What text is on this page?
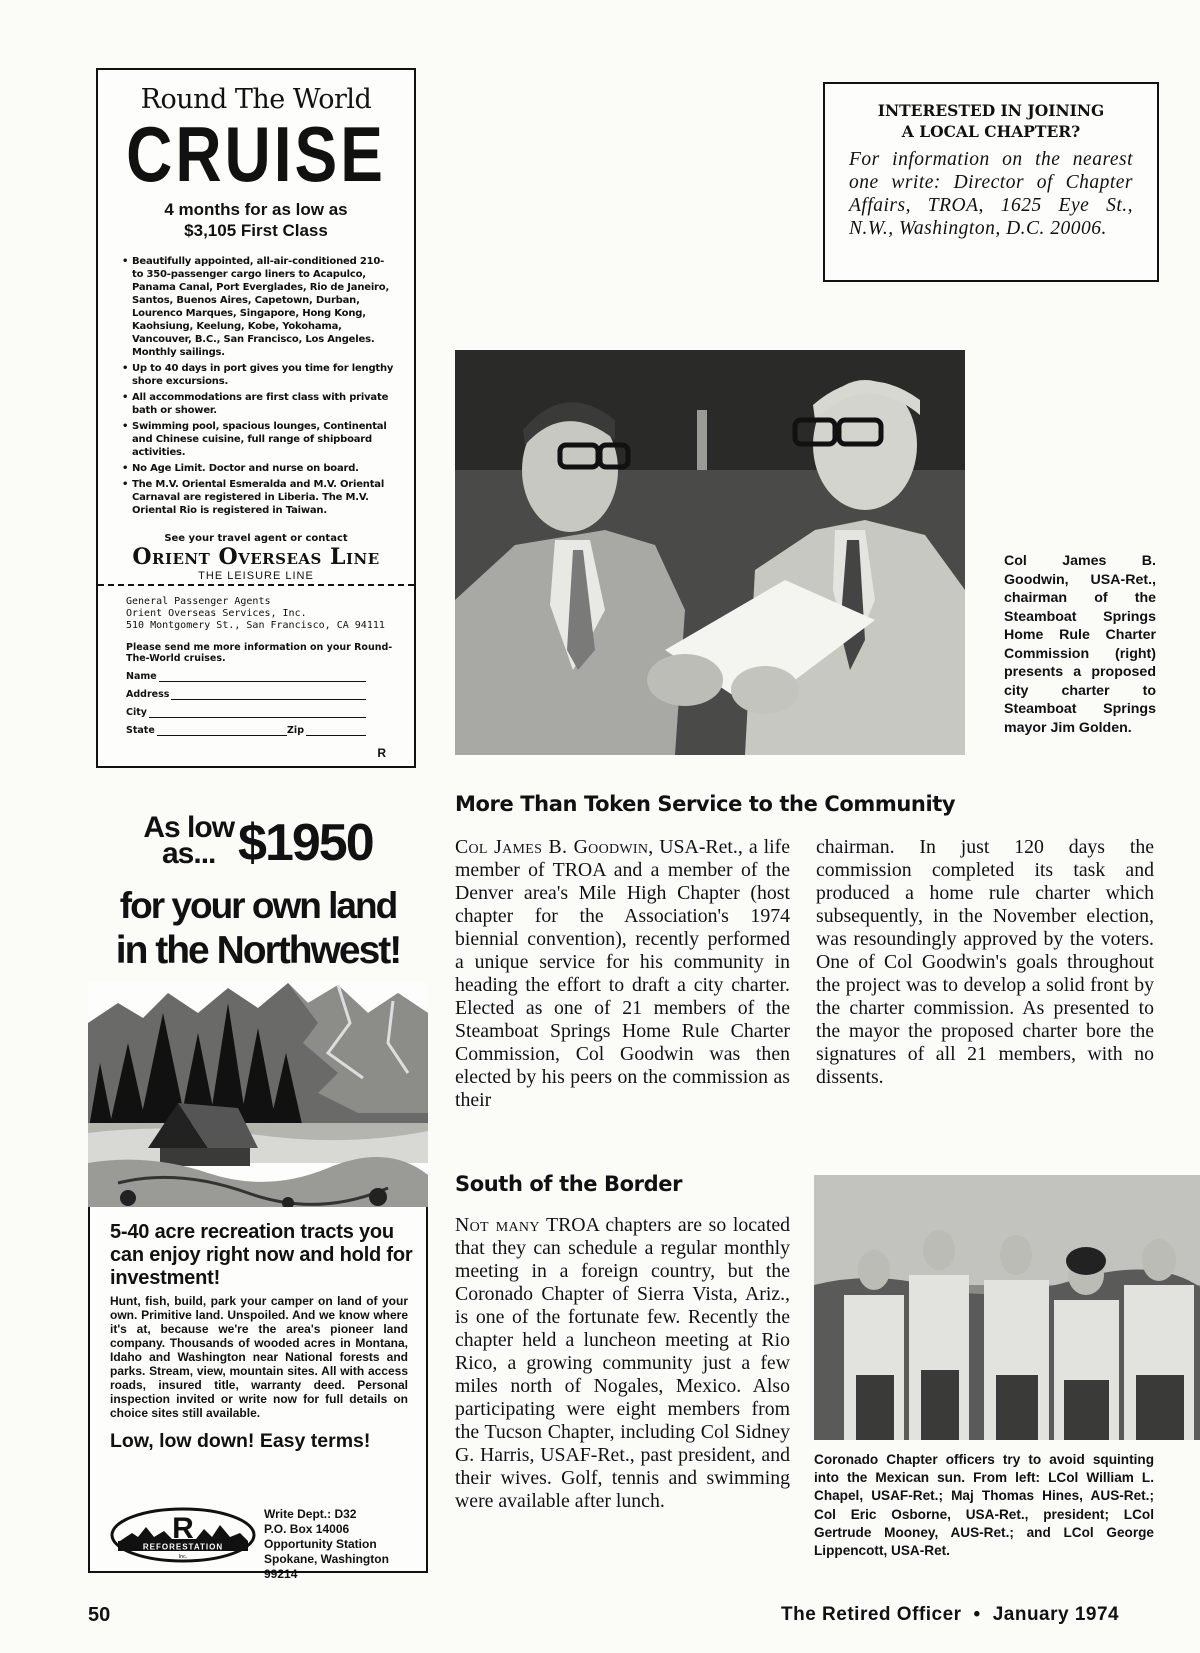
Round The World
CRUISE
4 months for as low as
$3,105 First Class
• Beautifully appointed, all-air-conditioned 210- to 350-passenger cargo liners to Acapulco, Panama Canal, Port Everglades, Rio de Janeiro, Santos, Buenos Aires, Capetown, Durban, Lourenco Marques, Singapore, Hong Kong, Kaohsiung, Keelung, Kobe, Yokohama, Vancouver, B.C., San Francisco, Los Angeles. Monthly sailings.
• Up to 40 days in port gives you time for lengthy shore excursions.
• All accommodations are first class with private bath or shower.
• Swimming pool, spacious lounges, Continental and Chinese cuisine, full range of shipboard activities.
• No Age Limit. Doctor and nurse on board.
• The M.V. Oriental Esmeralda and M.V. Oriental Carnaval are registered in Liberia. The M.V. Oriental Rio is registered in Taiwan.
See your travel agent or contact
Orient Overseas Line
THE LEISURE LINE
General Passenger Agents
Orient Overseas Services, Inc.
510 Montgomery St., San Francisco, CA 94111
Please send me more information on your Round-The-World cruises.
Name
Address
City
State	Zip
R
As low
as... $1950
for your own land
in the Northwest!
5-40 acre recreation tracts you can enjoy right now and hold for investment!
Hunt, fish, build, park your camper on land of your own. Primitive land. Unspoiled. And we know where it's at, because we're the area's pioneer land company. Thousands of wooded acres in Montana, Idaho and Washington near National forests and parks. Stream, view, mountain sites. All with access roads, insured title, warranty deed. Personal inspection invited or write now for full details on choice sites still available.
Low, low down! Easy terms!
R
REFORESTATION
Inc.
Write Dept.: D32
P.O. Box 14006
Opportunity Station
Spokane, Washington
99214
INTERESTED IN JOINING
A LOCAL CHAPTER?
For information on the nearest one write: Director of Chapter Affairs, TROA, 1625 Eye St., N.W., Washington, D.C. 20006.
Col James B. Goodwin, USA-Ret., chairman of the Steamboat Springs Home Rule Charter Commission (right) presents a proposed city charter to Steamboat Springs mayor Jim Golden.
More Than Token Service to the Community
Col James B. Goodwin, USA-Ret., a life member of TROA and a member of the Denver area's Mile High Chapter (host chapter for the Association's 1974 biennial convention), recently performed a unique service for his community in heading the effort to draft a city charter. Elected as one of 21 members of the Steamboat Springs Home Rule Charter Commission, Col Goodwin was then elected by his peers on the commission as their
chairman. In just 120 days the commission completed its task and produced a home rule charter which subsequently, in the November election, was resoundingly approved by the voters. One of Col Goodwin's goals throughout the project was to develop a solid front by the charter commission. As presented to the mayor the proposed charter bore the signatures of all 21 members, with no dissents.
South of the Border
Not many TROA chapters are so located that they can schedule a regular monthly meeting in a foreign country, but the Coronado Chapter of Sierra Vista, Ariz., is one of the fortunate few. Recently the chapter held a luncheon meeting at Rio Rico, a growing community just a few miles north of Nogales, Mexico. Also participating were eight members from the Tucson Chapter, including Col Sidney G. Harris, USAF-Ret., past president, and their wives. Golf, tennis and swimming were available after lunch.
Coronado Chapter officers try to avoid squinting into the Mexican sun. From left: LCol William L. Chapel, USAF-Ret.; Maj Thomas Hines, AUS-Ret.; Col Eric Osborne, USA-Ret., president; LCol Gertrude Mooney, AUS-Ret.; and LCol George Lippencott, USA-Ret.
50	The Retired Officer • January 1974
